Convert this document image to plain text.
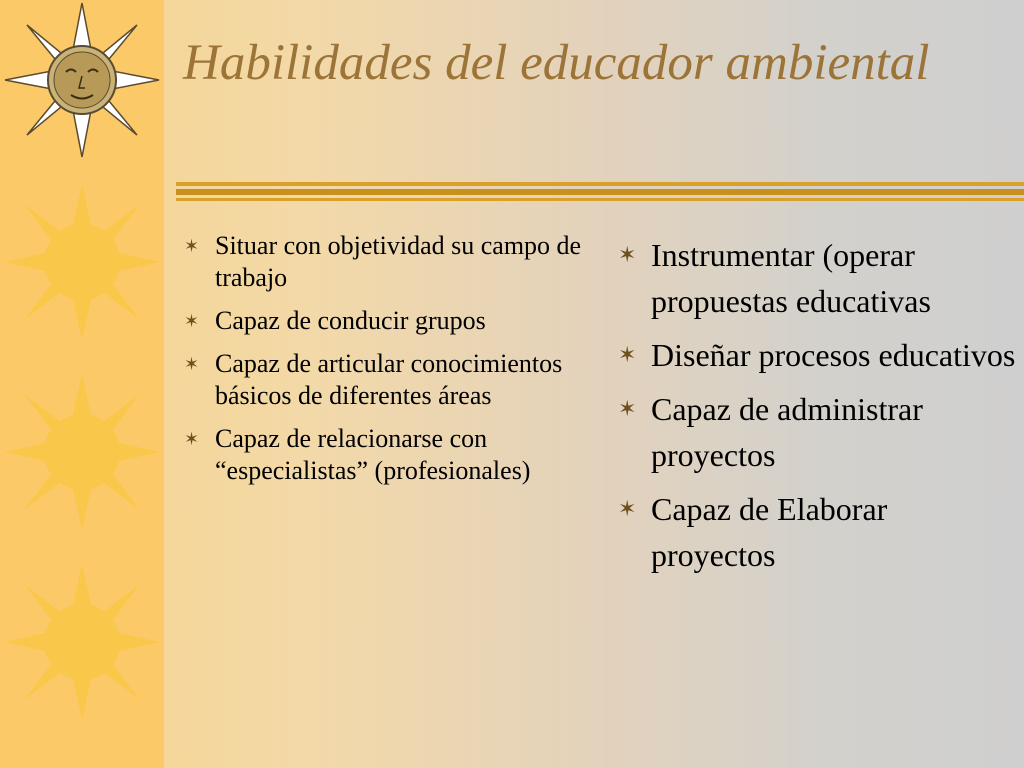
Habilidades del educador ambiental
✶ Situar con objetividad su campo de trabajo
✶ Capaz de conducir grupos
✶ Capaz de articular conocimientos básicos de diferentes áreas
✶ Capaz de relacionarse con “especialistas” (profesionales)
✶ Instrumentar (operar propuestas educativas
✶ Diseñar procesos educativos
✶ Capaz de administrar proyectos
✶ Capaz de Elaborar proyectos
